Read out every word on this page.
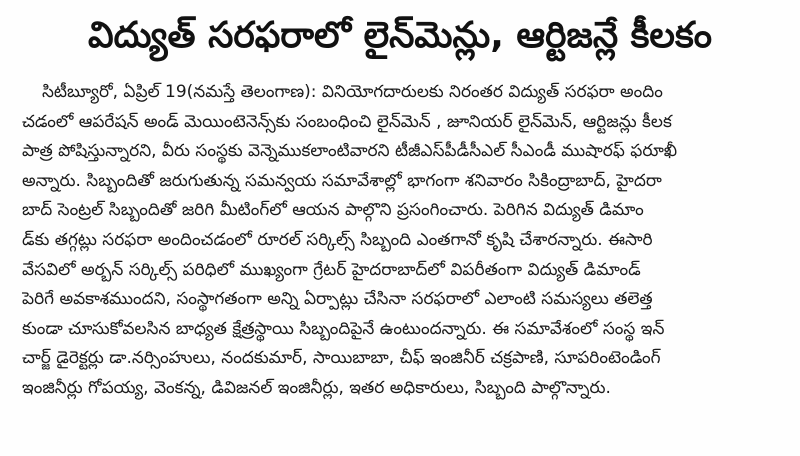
విద్యుత్ సరఫరాలో లైన్‌మెన్లు, ఆర్టిజన్లే కీలకం
సిటీబ్యూరో, ఏప్రిల్ 19(నమస్తే తెలంగాణ): వినియోగదారులకు నిరంతర విద్యుత్ సరఫరా అందిం
చడంలో ఆపరేషన్ అండ్ మెయింటెనెన్స్‌కు సంబంధించి లైన్‌మెన్ , జూనియర్ లైన్‌మెన్, ఆర్టిజన్లు కీలక
పాత్ర పోషిస్తున్నారని, వీరు సంస్థకు వెన్నెముకలాంటివారని టీజీఎస్‌పీడీసీఎల్ సీఎండీ ముషారఫ్ ఫరూఖీ
అన్నారు. సిబ్బందితో జరుగుతున్న సమన్వయ సమావేశాల్లో భాగంగా శనివారం సికింద్రాబాద్, హైదరా
బాద్ సెంట్రల్ సిబ్బందితో జరిగి మీటింగ్‌లో ఆయన పాల్గొని ప్రసంగించారు. పెరిగిన విద్యుత్ డిమాం
డ్‌కు తగ్గట్లు సరఫరా అందించడంలో రూరల్ సర్కిల్స్ సిబ్బంది ఎంతగానో కృషి చేశారన్నారు. ఈసారి
వేసవిలో అర్బన్ సర్కిల్స్ పరిధిలో ముఖ్యంగా గ్రేటర్ హైదరాబాద్‌లో విపరీతంగా విద్యుత్ డిమాండ్
పెరిగే అవకాశముందని, సంస్థాగతంగా అన్ని ఏర్పాట్లు చేసినా సరఫరాలో ఎలాంటి సమస్యలు తలెత్త
కుండా చూసుకోవలసిన బాధ్యత క్షేత్రస్థాయి సిబ్బందిపైనే ఉంటుందన్నారు. ఈ సమావేశంలో సంస్థ ఇన్
చార్జ్ డైరెక్టర్లు డా.నర్సింహులు, నందకుమార్, సాయిబాబా, చీఫ్ ఇంజినీర్ చక్రపాణి, సూపరింటెండింగ్
ఇంజినీర్లు గోపయ్య, వెంకన్న, డివిజనల్ ఇంజినీర్లు, ఇతర అధికారులు, సిబ్బంది పాల్గొన్నారు.
